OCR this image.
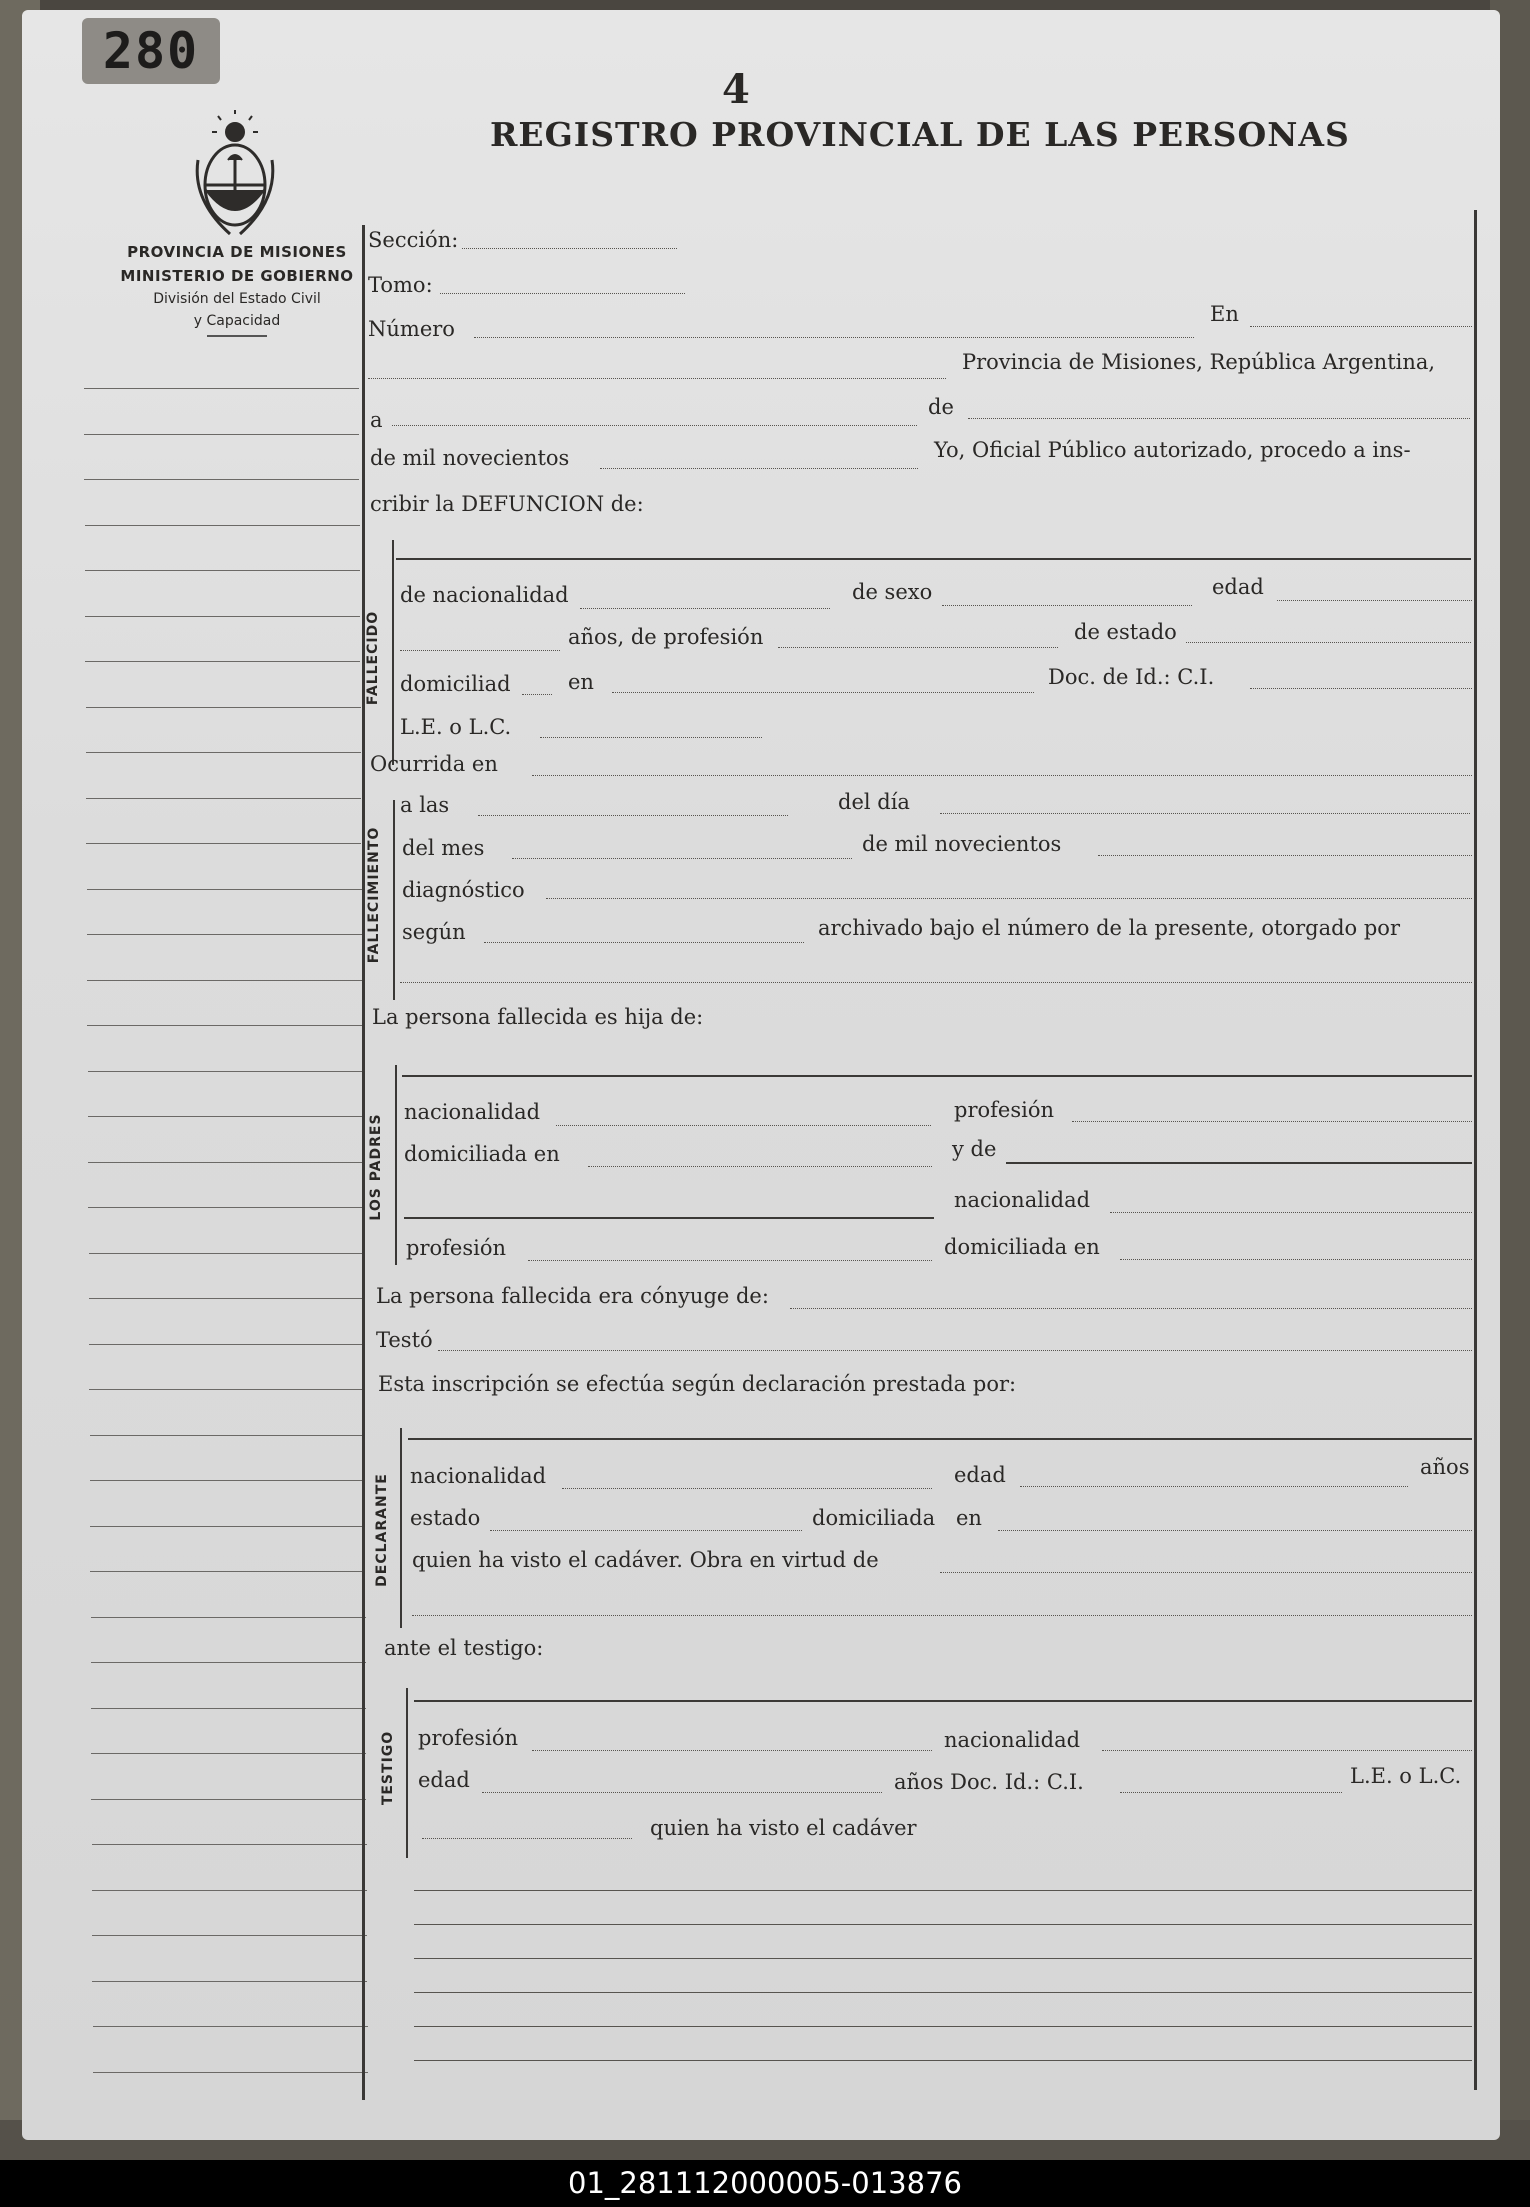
280
4
REGISTRO PROVINCIAL DE LAS PERSONAS
PROVINCIA DE MISIONES
MINISTERIO DE GOBIERNO
División del Estado Civil
y Capacidad
FALLECIDO
FALLECIMIENTO
LOS PADRES
DECLARANTE
TESTIGO
Sección:
Tomo:
Número
En
Provincia de Misiones, República Argentina,
a
de
de mil novecientos	Yo, Oficial Público autorizado, procedo a ins-
cribir la DEFUNCION de:
de nacionalidad	de sexo	edad
años, de profesión	de estado
domiciliad	en	Doc. de Id.: C.I.
L.E. o L.C.
Ocurrida en
a las	del día
del mes	de mil novecientos
diagnóstico
según	archivado bajo el número de la presente, otorgado por
La persona fallecida es hija de:
nacionalidad	profesión
domiciliada en	y de
nacionalidad
profesión	domiciliada en
La persona fallecida era cónyuge de:
Testó
Esta inscripción se efectúa según declaración prestada por:
nacionalidad	edad	años
estado	domiciliada en
quien ha visto el cadáver. Obra en virtud de
ante el testigo:
profesión	nacionalidad
edad	años Doc. Id.: C.I.	L.E. o L.C.
quien ha visto el cadáver
01_281112000005-013876
